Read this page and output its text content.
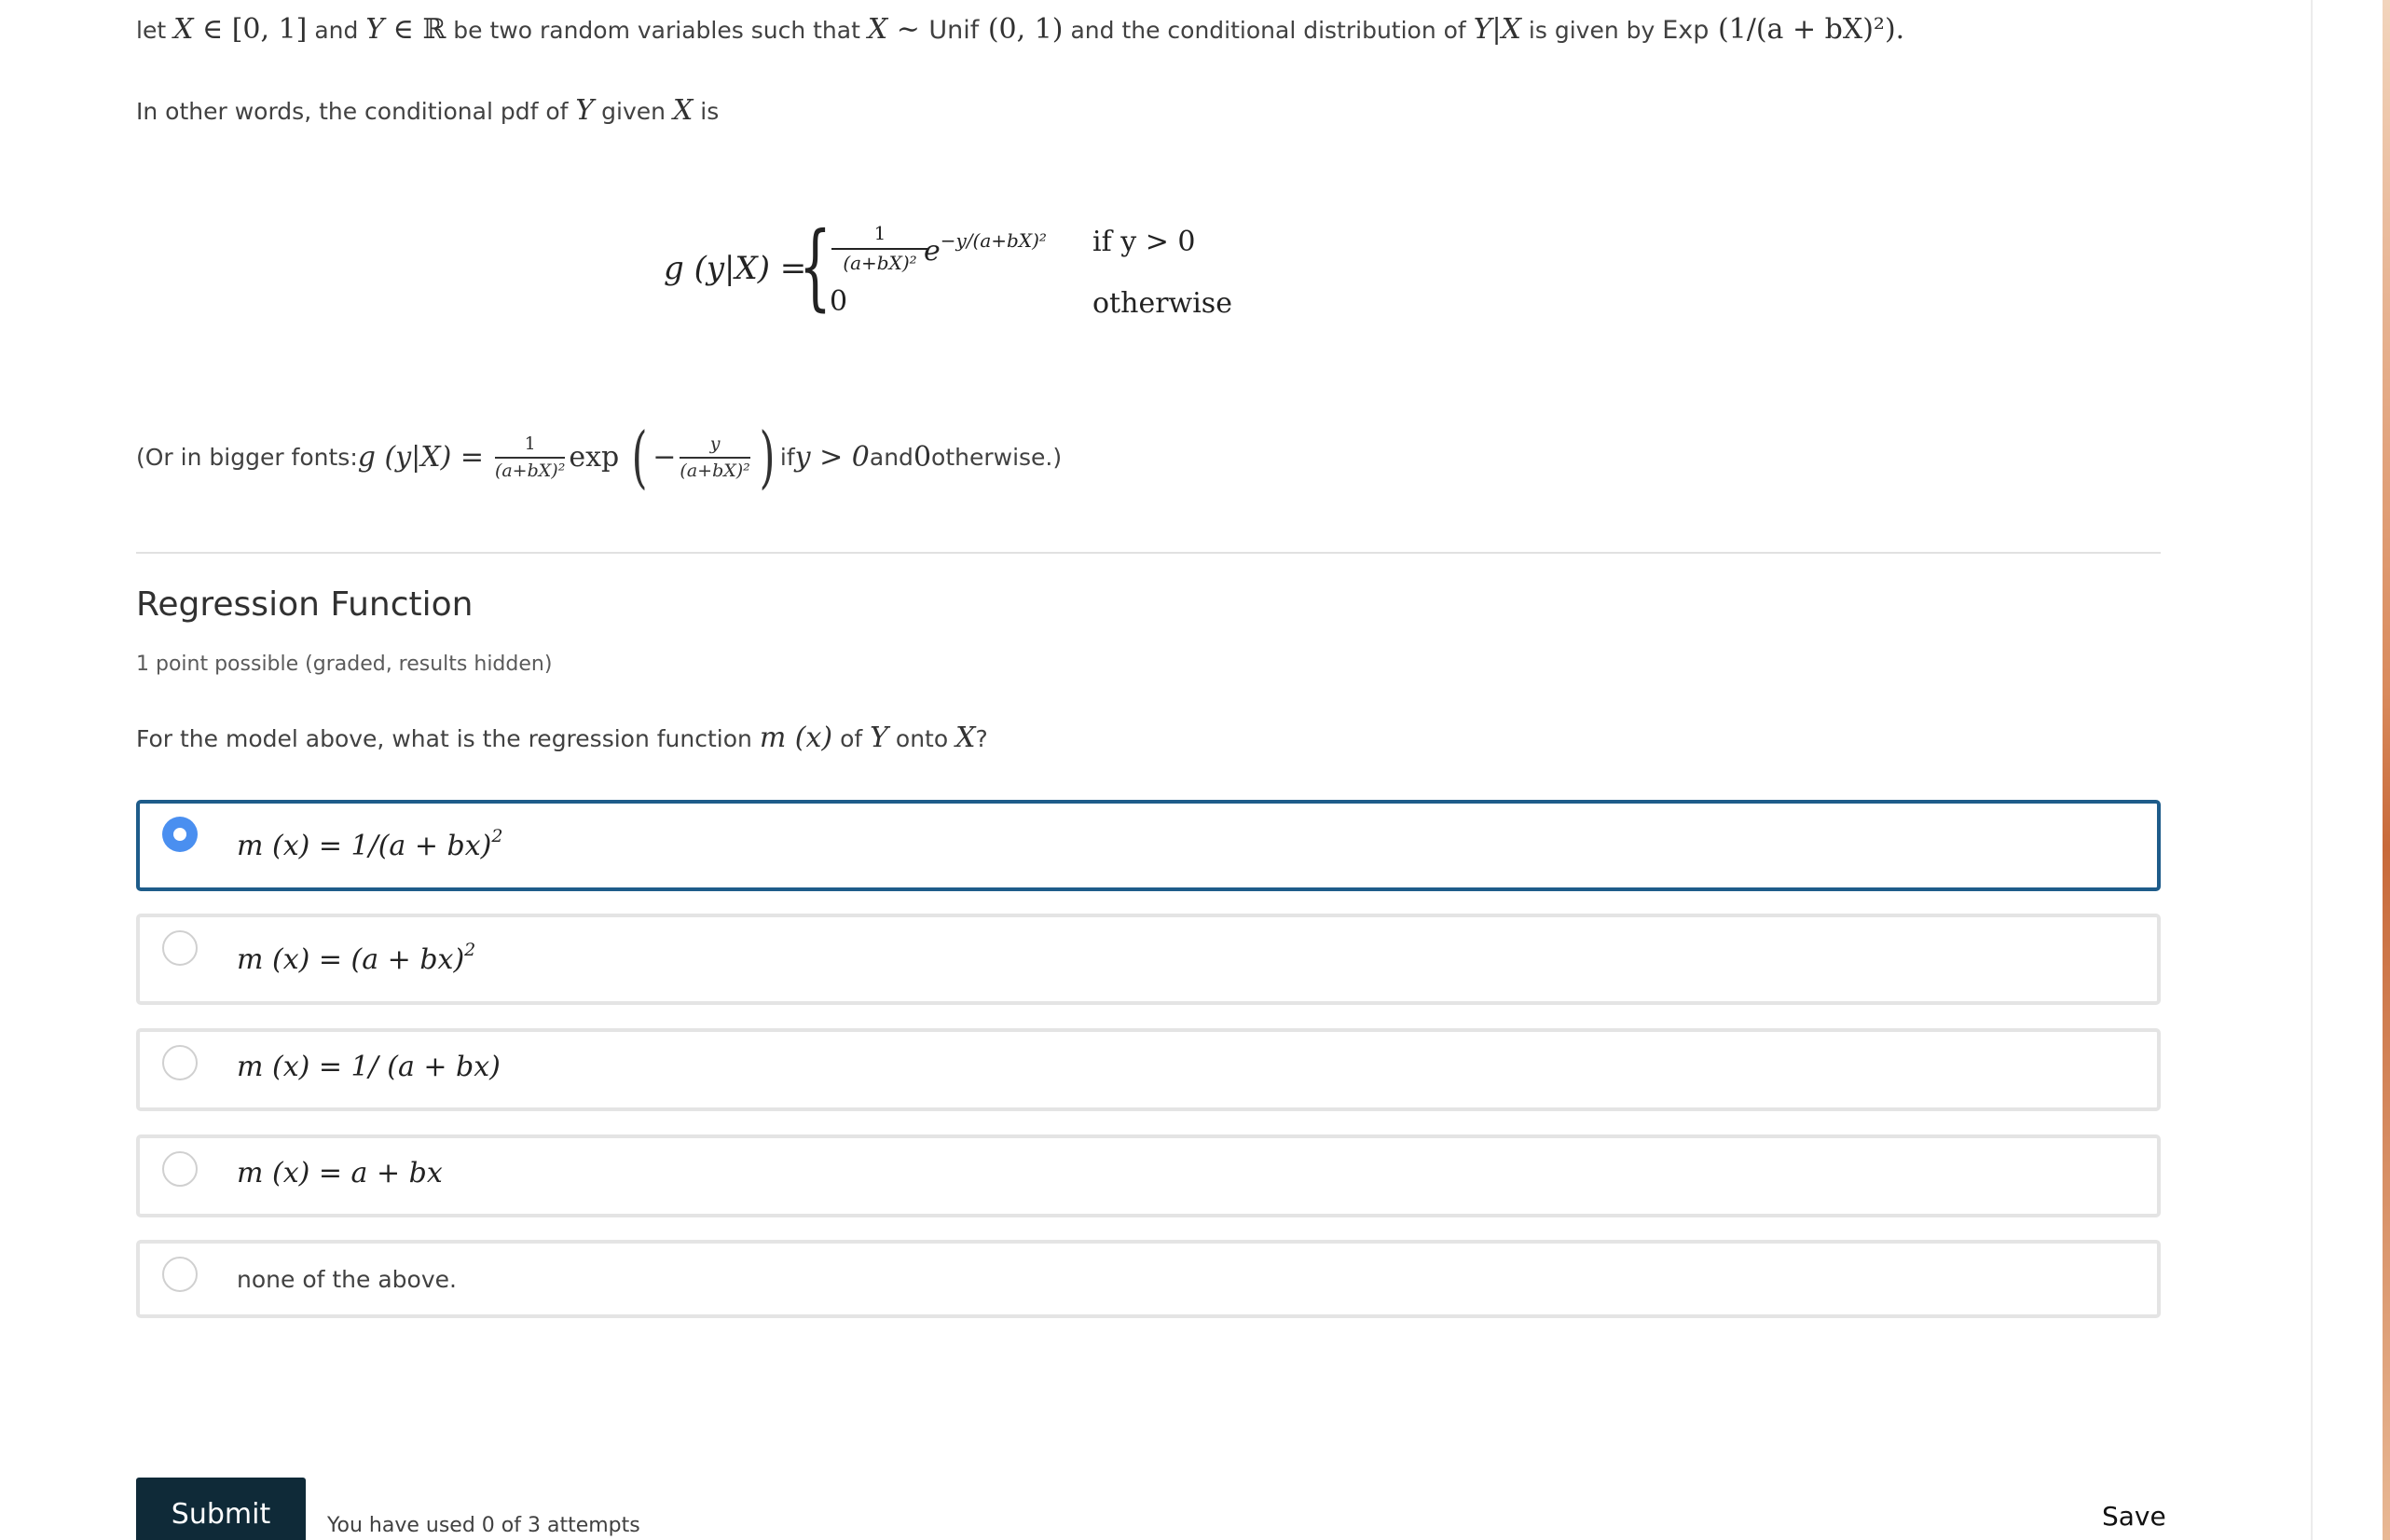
let X ∈ [0, 1] and Y ∈ ℝ be two random variables such that X ∼ Unif (0, 1) and the conditional distribution of Y|X is given by Exp (1/(a + bX)²).
In other words, the conditional pdf of Y given X is
g (y|X) =
{ $\frac{1}{\text{(a+bX)²}}$
$e^{-y/(a+bX)^2}$
0
if y > 0
otherwise
(Or in bigger fonts:g $(y|X) = \frac{1}{\text{(a+bX)²}}$ exp ( − $\frac{y}{\text{(a+bX)²}} )ify$ > 0and0otherwise.)
Regression Function
1 point possible (graded, results hidden)
For the model above, what is the regression function m (x) of Y onto X?
m (x) = 1/(a + bx)$^2$
m (x) = (a + bx)$^2$
m (x) = 1/ (a + bx)
m (x) = a + bx
none of the above.
Submit	You have used 0 of 3 attempts	Save
